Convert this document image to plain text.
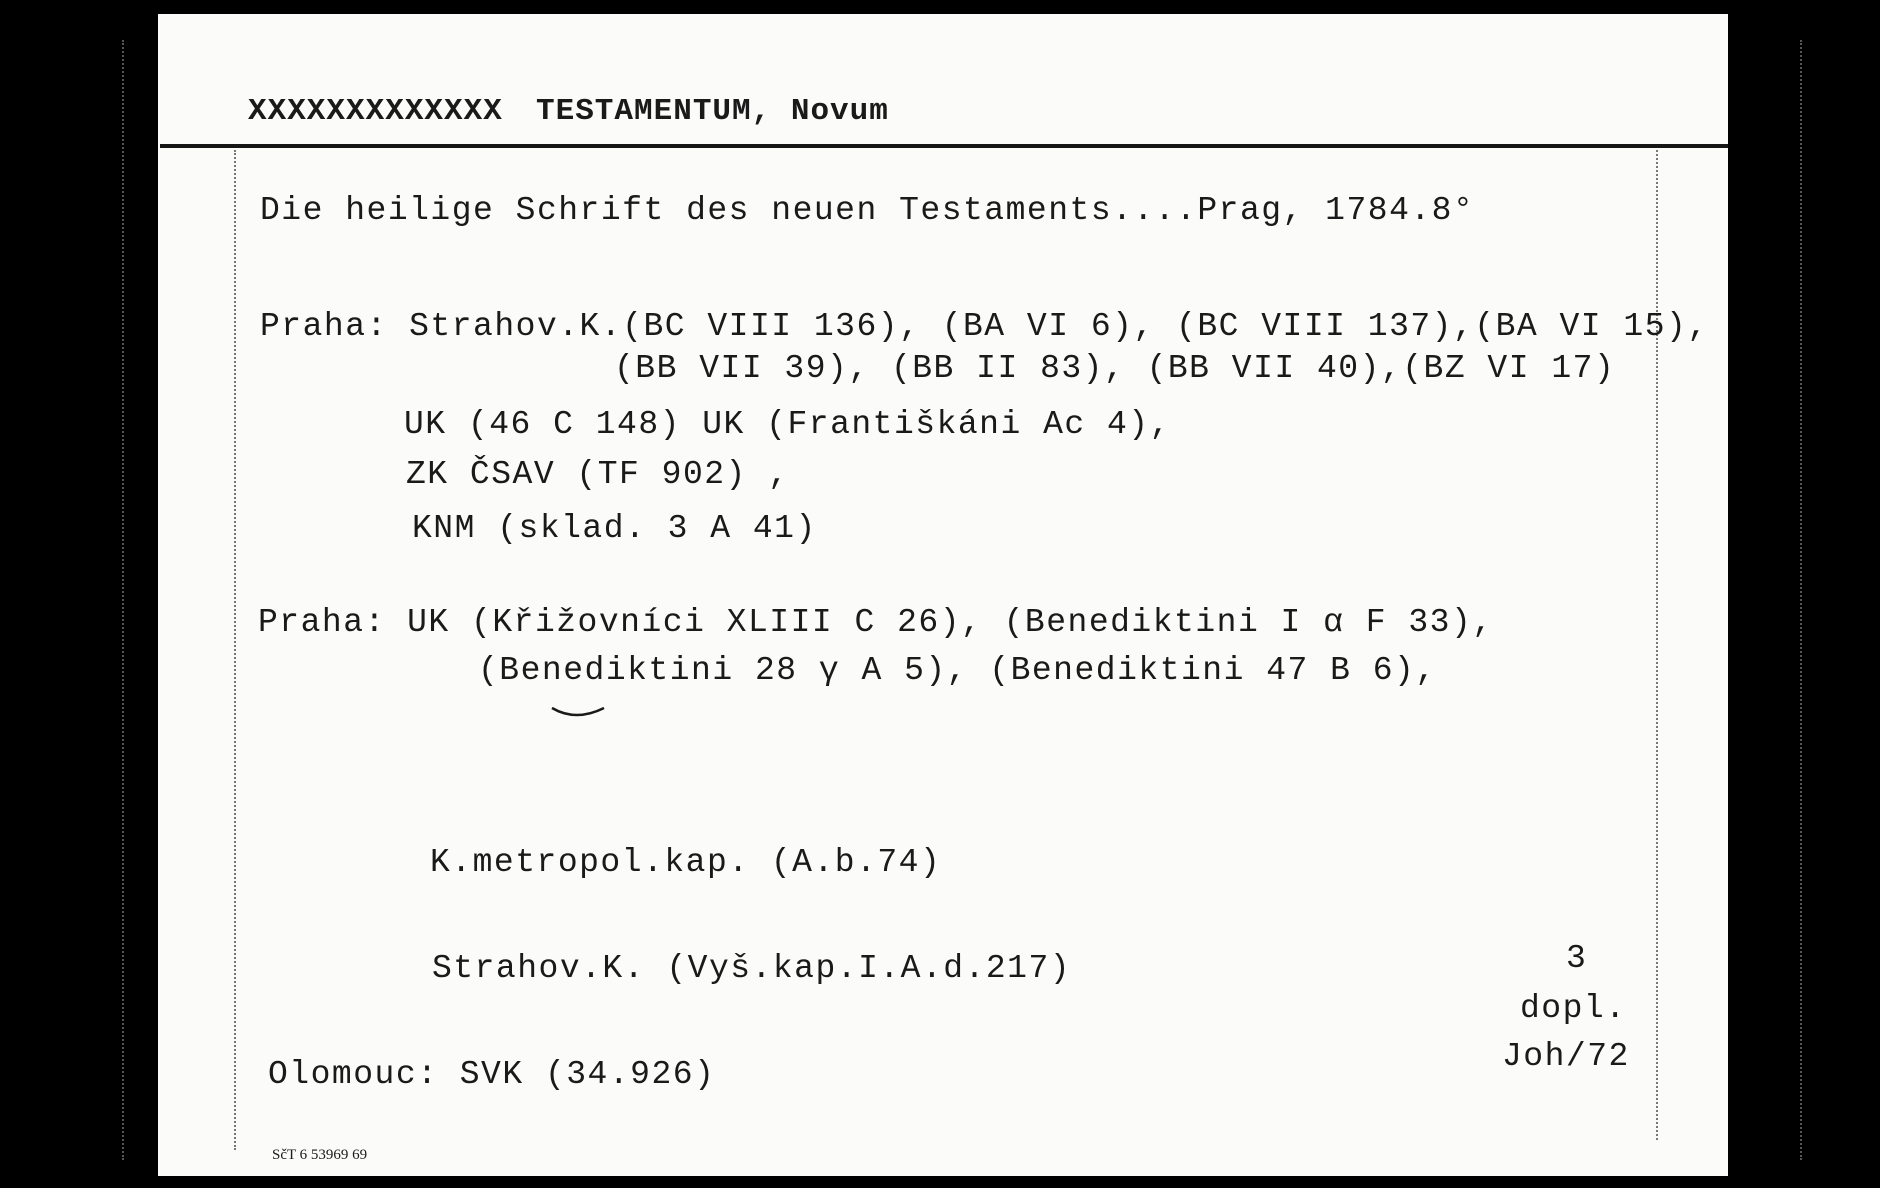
XXXXXXXXXXXXX TESTAMENTUM, Novum
Die heilige Schrift des neuen Testaments....Prag, 1784.8°
Praha: Strahov.K.(BC VIII 136), (BA VI 6), (BC VIII 137),(BA VI 15),
(BB VII 39), (BB II 83), (BB VII 40),(BZ VI 17)
UK (46 C 148) UK (Františkáni Ac 4),
ZK ČSAV (TF 902) ,
KNM (sklad. 3 A 41)
Praha: UK (Křižovníci XLIII C 26), (Benediktini I α F 33),
(Benediktini 28 γ A 5), (Benediktini 47 B 6),
K.metropol.kap. (A.b.74)
Strahov.K. (Vyš.kap.I.A.d.217)
Olomouc: SVK (34.926)
3
dopl.
Joh/72
SčT 6 53969 69
